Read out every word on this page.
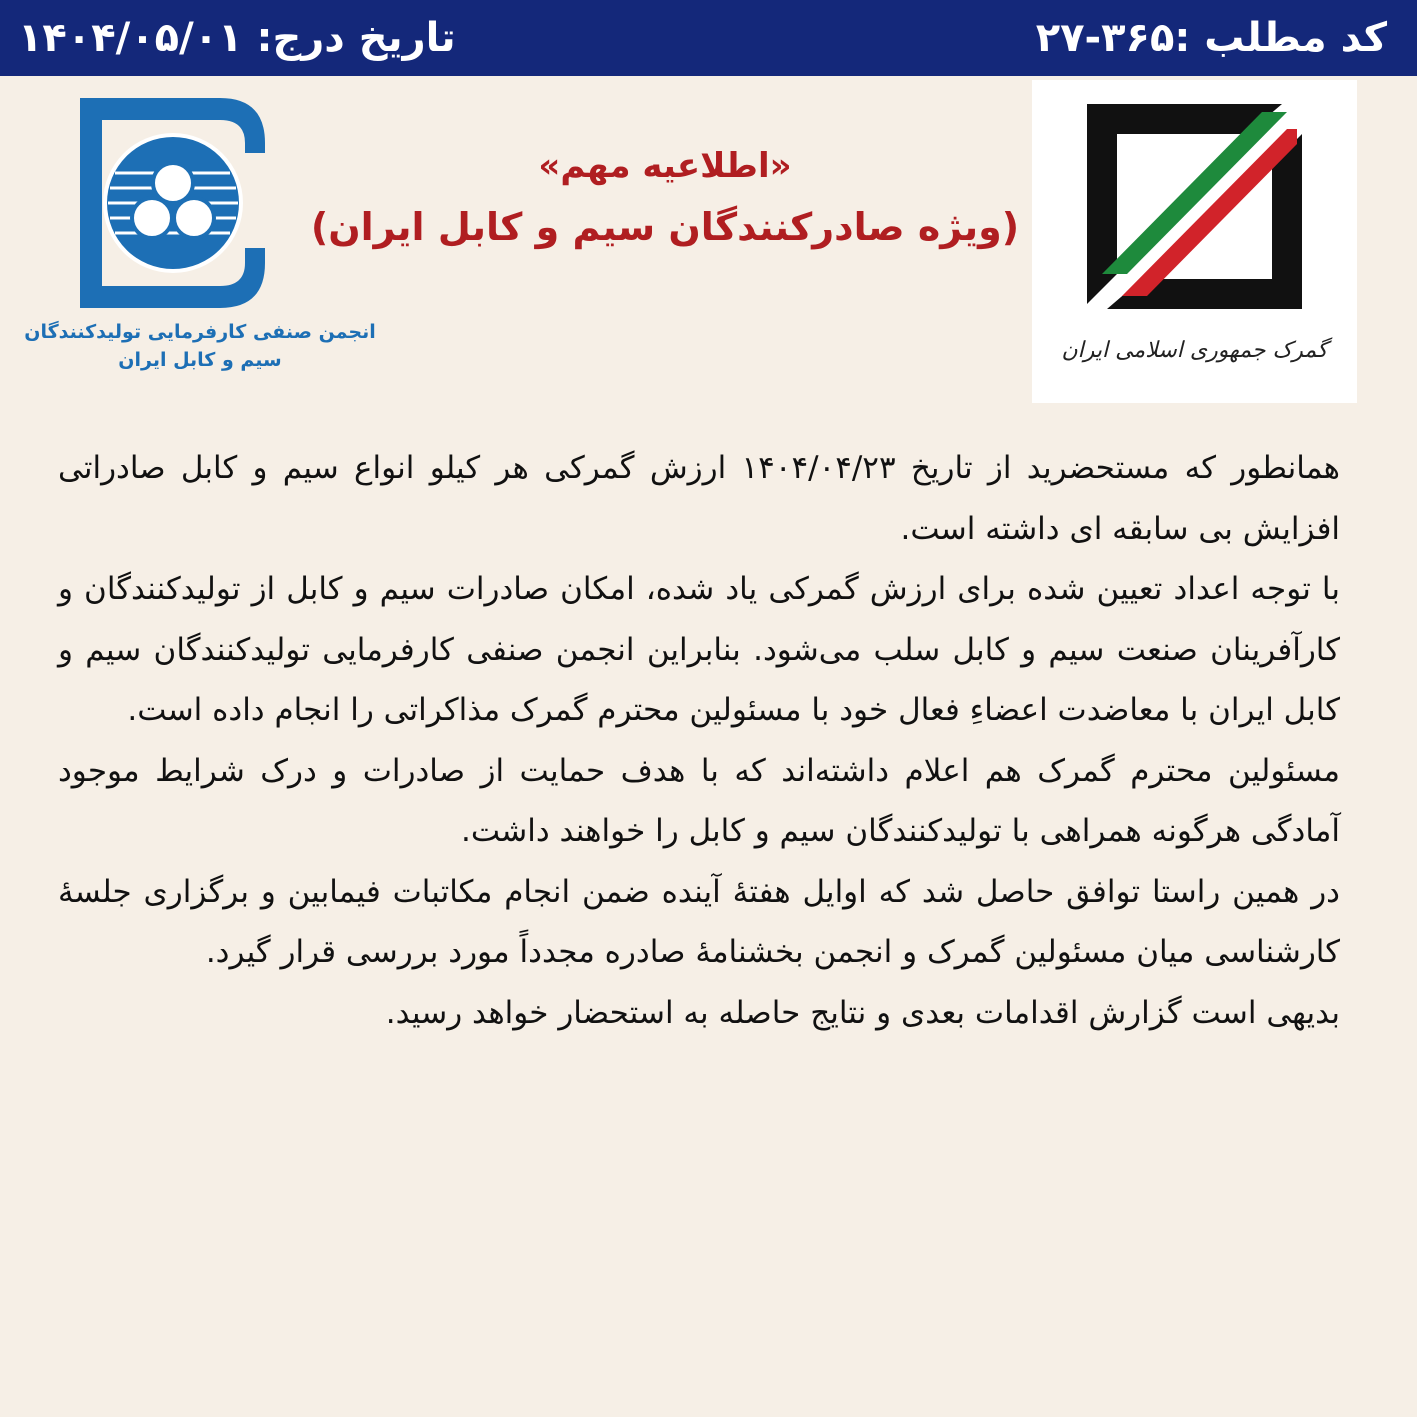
کد مطلب :۳۶۵-۲۷
تاریخ درج: ۱۴۰۴/۰۵/۰۱
گمرک جمهوری اسلامی ایران
انجمن صنفی کارفرمایی تولیدکنندگان
سیم و کابل ایران
«اطلاعیه مهم»
(ویژه صادرکنندگان سیم و کابل ایران)

همانطور که مستحضرید از تاریخ ۱۴۰۴/۰۴/۲۳ ارزش گمرکی هر کیلو انواع سیم و کابل صادراتی افزایش بی سابقه ای داشته است.

با توجه اعداد تعیین شده برای ارزش گمرکی یاد شده، امکان صادرات سیم و کابل از تولیدکنندگان و کارآفرینان صنعت سیم و کابل سلب می‌شود. بنابراین انجمن صنفی کارفرمایی تولیدکنندگان سیم و کابل ایران با معاضدت اعضاءِ فعال خود با مسئولین محترم گمرک مذاکراتی را انجام داده است.

مسئولین محترم گمرک هم اعلام داشته‌اند که با هدف حمایت از صادرات و درک شرایط موجود آمادگی هرگونه همراهی با تولیدکنندگان سیم و کابل را خواهند داشت.

در همین راستا توافق حاصل شد که اوایل هفتهٔ آینده ضمن انجام مکاتبات فیمابین و برگزاری جلسهٔ کارشناسی میان مسئولین گمرک و انجمن بخشنامهٔ صادره مجدداً مورد بررسی قرار گیرد.

بدیهی است گزارش اقدامات بعدی و نتایج حاصله به استحضار خواهد رسید.
